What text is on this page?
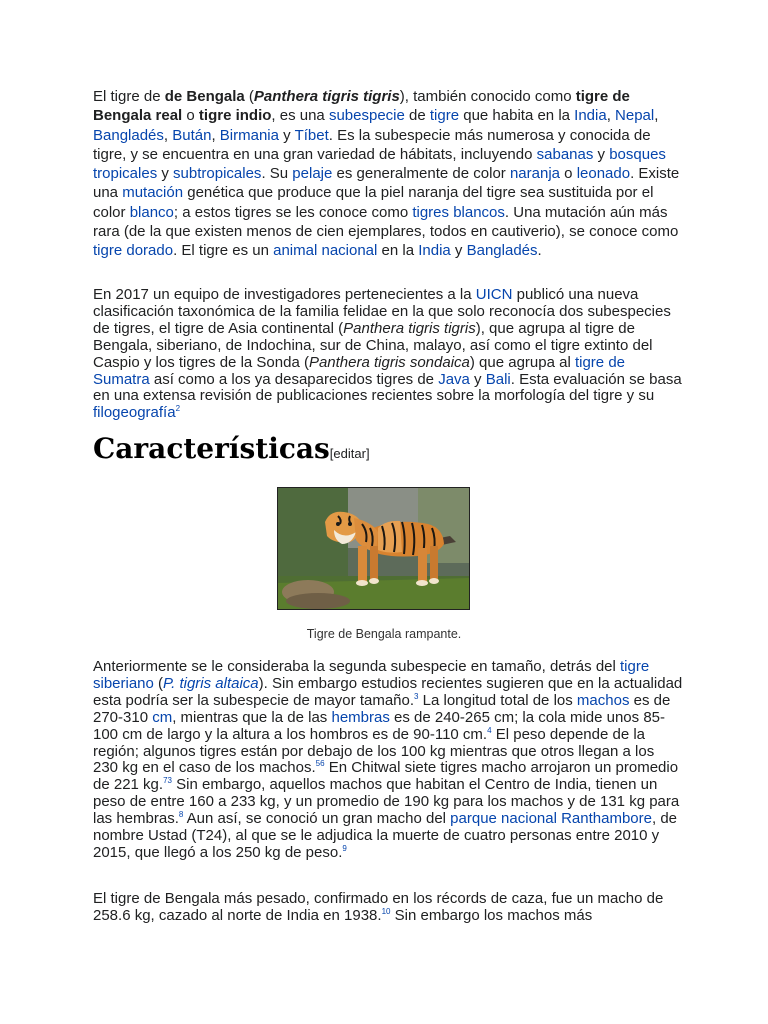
El tigre de de Bengala (Panthera tigris tigris), también conocido como tigre de Bengala real o tigre indio, es una subespecie de tigre que habita en la India, Nepal, Bangladés, Bután, Birmania y Tíbet. Es la subespecie más numerosa y conocida de tigre, y se encuentra en una gran variedad de hábitats, incluyendo sabanas y bosques tropicales y subtropicales. Su pelaje es generalmente de color naranja o leonado. Existe una mutación genética que produce que la piel naranja del tigre sea sustituida por el color blanco; a estos tigres se les conoce como tigres blancos. Una mutación aún más rara (de la que existen menos de cien ejemplares, todos en cautiverio), se conoce como tigre dorado. El tigre es un animal nacional en la India y Bangladés.

En 2017 un equipo de investigadores pertenecientes a la UICN publicó una nueva clasificación taxonómica de la familia felidae en la que solo reconocía dos subespecies de tigres, el tigre de Asia continental (Panthera tigris tigris), que agrupa al tigre de Bengala, siberiano, de Indochina, sur de China, malayo, así como el tigre extinto del Caspio y los tigres de la Sonda (Panthera tigris sondaica) que agrupa al tigre de Sumatra así como a los ya desaparecidos tigres de Java y Bali. Esta evaluación se basa en una extensa revisión de publicaciones recientes sobre la morfología del tigre y su filogeografía$^2$

Características[editar]

Anteriormente se le consideraba la segunda subespecie en tamaño, detrás del tigre siberiano (P. tigris altaica). Sin embargo estudios recientes sugieren que en la actualidad esta podría ser la subespecie de mayor tamaño.$^3$ La longitud total de los machos es de 270-310 cm, mientras que la de las hembras es de 240-265 cm; la cola mide unos 85-100 cm de largo y la altura a los hombros es de 90-110 cm.$^4$ El peso depende de la región; algunos tigres están por debajo de los 100 kg mientras que otros llegan a los 230 kg en el caso de los machos.$^{56}$ En Chitwal siete tigres macho arrojaron un promedio de 221 kg.$^{73}$ Sin embargo, aquellos machos que habitan el Centro de India, tienen un peso de entre 160 a 233 kg, y un promedio de 190 kg para los machos y de 131 kg para las hembras.$^8$ Aun así, se conoció un gran macho del parque nacional Ranthambore, de nombre Ustad (T24), al que se le adjudica la muerte de cuatro personas entre 2010 y 2015, que llegó a los 250 kg de peso.$^9$

El tigre de Bengala más pesado, confirmado en los récords de caza, fue un macho de 258.6 kg, cazado al norte de India en 1938.10 Sin embargo los machos más

Tigre de Bengala rampante.
